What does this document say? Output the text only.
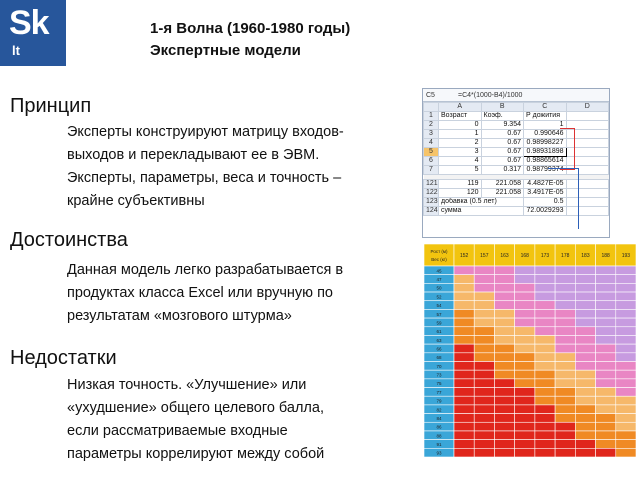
Sk
lt
1-я Волна (1960-1980 годы)
Экспертные модели
Принцип
Эксперты конструируют матрицу входов-
выходов и перекладывают ее в ЭВМ.
Эксперты, параметры, веса и точность –
крайне субъективны
Достоинства
Данная модель легко разрабатывается в
продуктах класса Excel или вручную по
результатам «мозгового штурма»
Недостатки
Низкая точность. «Улучшение» или
«ухудшение» общего целевого балла,
если рассматриваемые входные
параметры коррелируют между собой
C5	=C4*(1000-B4)/1000
	A	B	C	D
1	Возраст	Коэф.	Р дожития	
2	0	9.354	1	
3	1	0.67	0.990646	
4	2	0.67	0.98998227	
5	3	0.67	0.98931898	
6	4	0.67	0.98865614	
7	5	0.317	0.98799374	

121	119	221.058	4.4827E-05	
122	120	221.058	3.4917E-05	
123	добавка (0.5 лет)		0.5	
124	сумма		72.0029293	
Рост (м)
Вес (кг)
152 157 163 168 173 178 183 188 193
45
47
50
52
54
57
59
61
63
66
68
70
73
75
77
79
82
84
86
88
91
93
